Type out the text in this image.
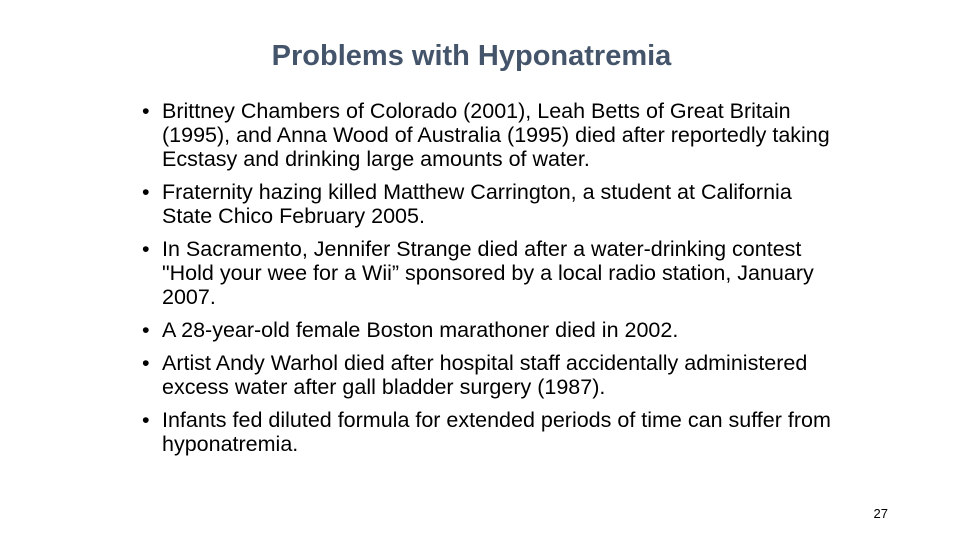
Problems with Hyponatremia
• Brittney Chambers of Colorado (2001), Leah Betts of Great Britain (1995), and Anna Wood of Australia (1995) died after reportedly taking Ecstasy and drinking large amounts of water.
• Fraternity hazing killed Matthew Carrington, a student at California State Chico February 2005.
• In Sacramento, Jennifer Strange died after a water-drinking contest "Hold your wee for a Wii” sponsored by a local radio station, January 2007.
• A 28-year-old female Boston marathoner died in 2002.
• Artist Andy Warhol died after hospital staff accidentally administered excess water after gall bladder surgery (1987).
• Infants fed diluted formula for extended periods of time can suffer from hyponatremia.
27
